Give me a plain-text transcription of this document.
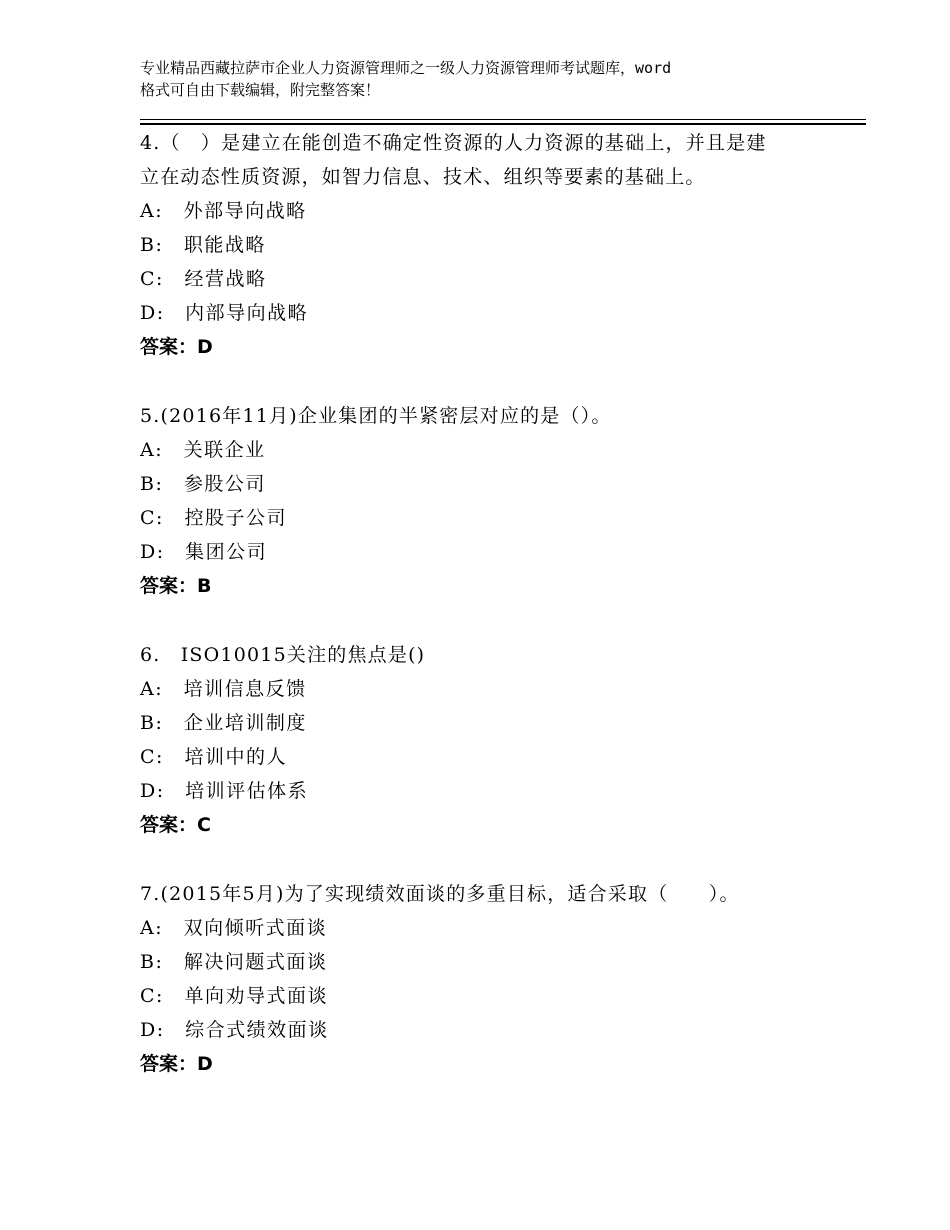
专业精品西藏拉萨市企业人力资源管理师之一级人力资源管理师考试题库，word
格式可自由下载编辑，附完整答案！
4.（　）是建立在能创造不确定性资源的人力资源的基础上，并且是建
立在动态性质资源，如智力信息、技术、组织等要素的基础上。
A:　外部导向战略
B:　职能战略
C:　经营战略
D:　内部导向战略
答案：D
5.(2016年11月)企业集团的半紧密层对应的是（）。
A:　关联企业
B:　参股公司
C:　控股子公司
D:　集团公司
答案：B
6.　ISO10015关注的焦点是()
A:　培训信息反馈
B:　企业培训制度
C:　培训中的人
D:　培训评估体系
答案：C
7.(2015年5月)为了实现绩效面谈的多重目标，适合采取（　　）。
A:　双向倾听式面谈
B:　解决问题式面谈
C:　单向劝导式面谈
D:　综合式绩效面谈
答案：D
